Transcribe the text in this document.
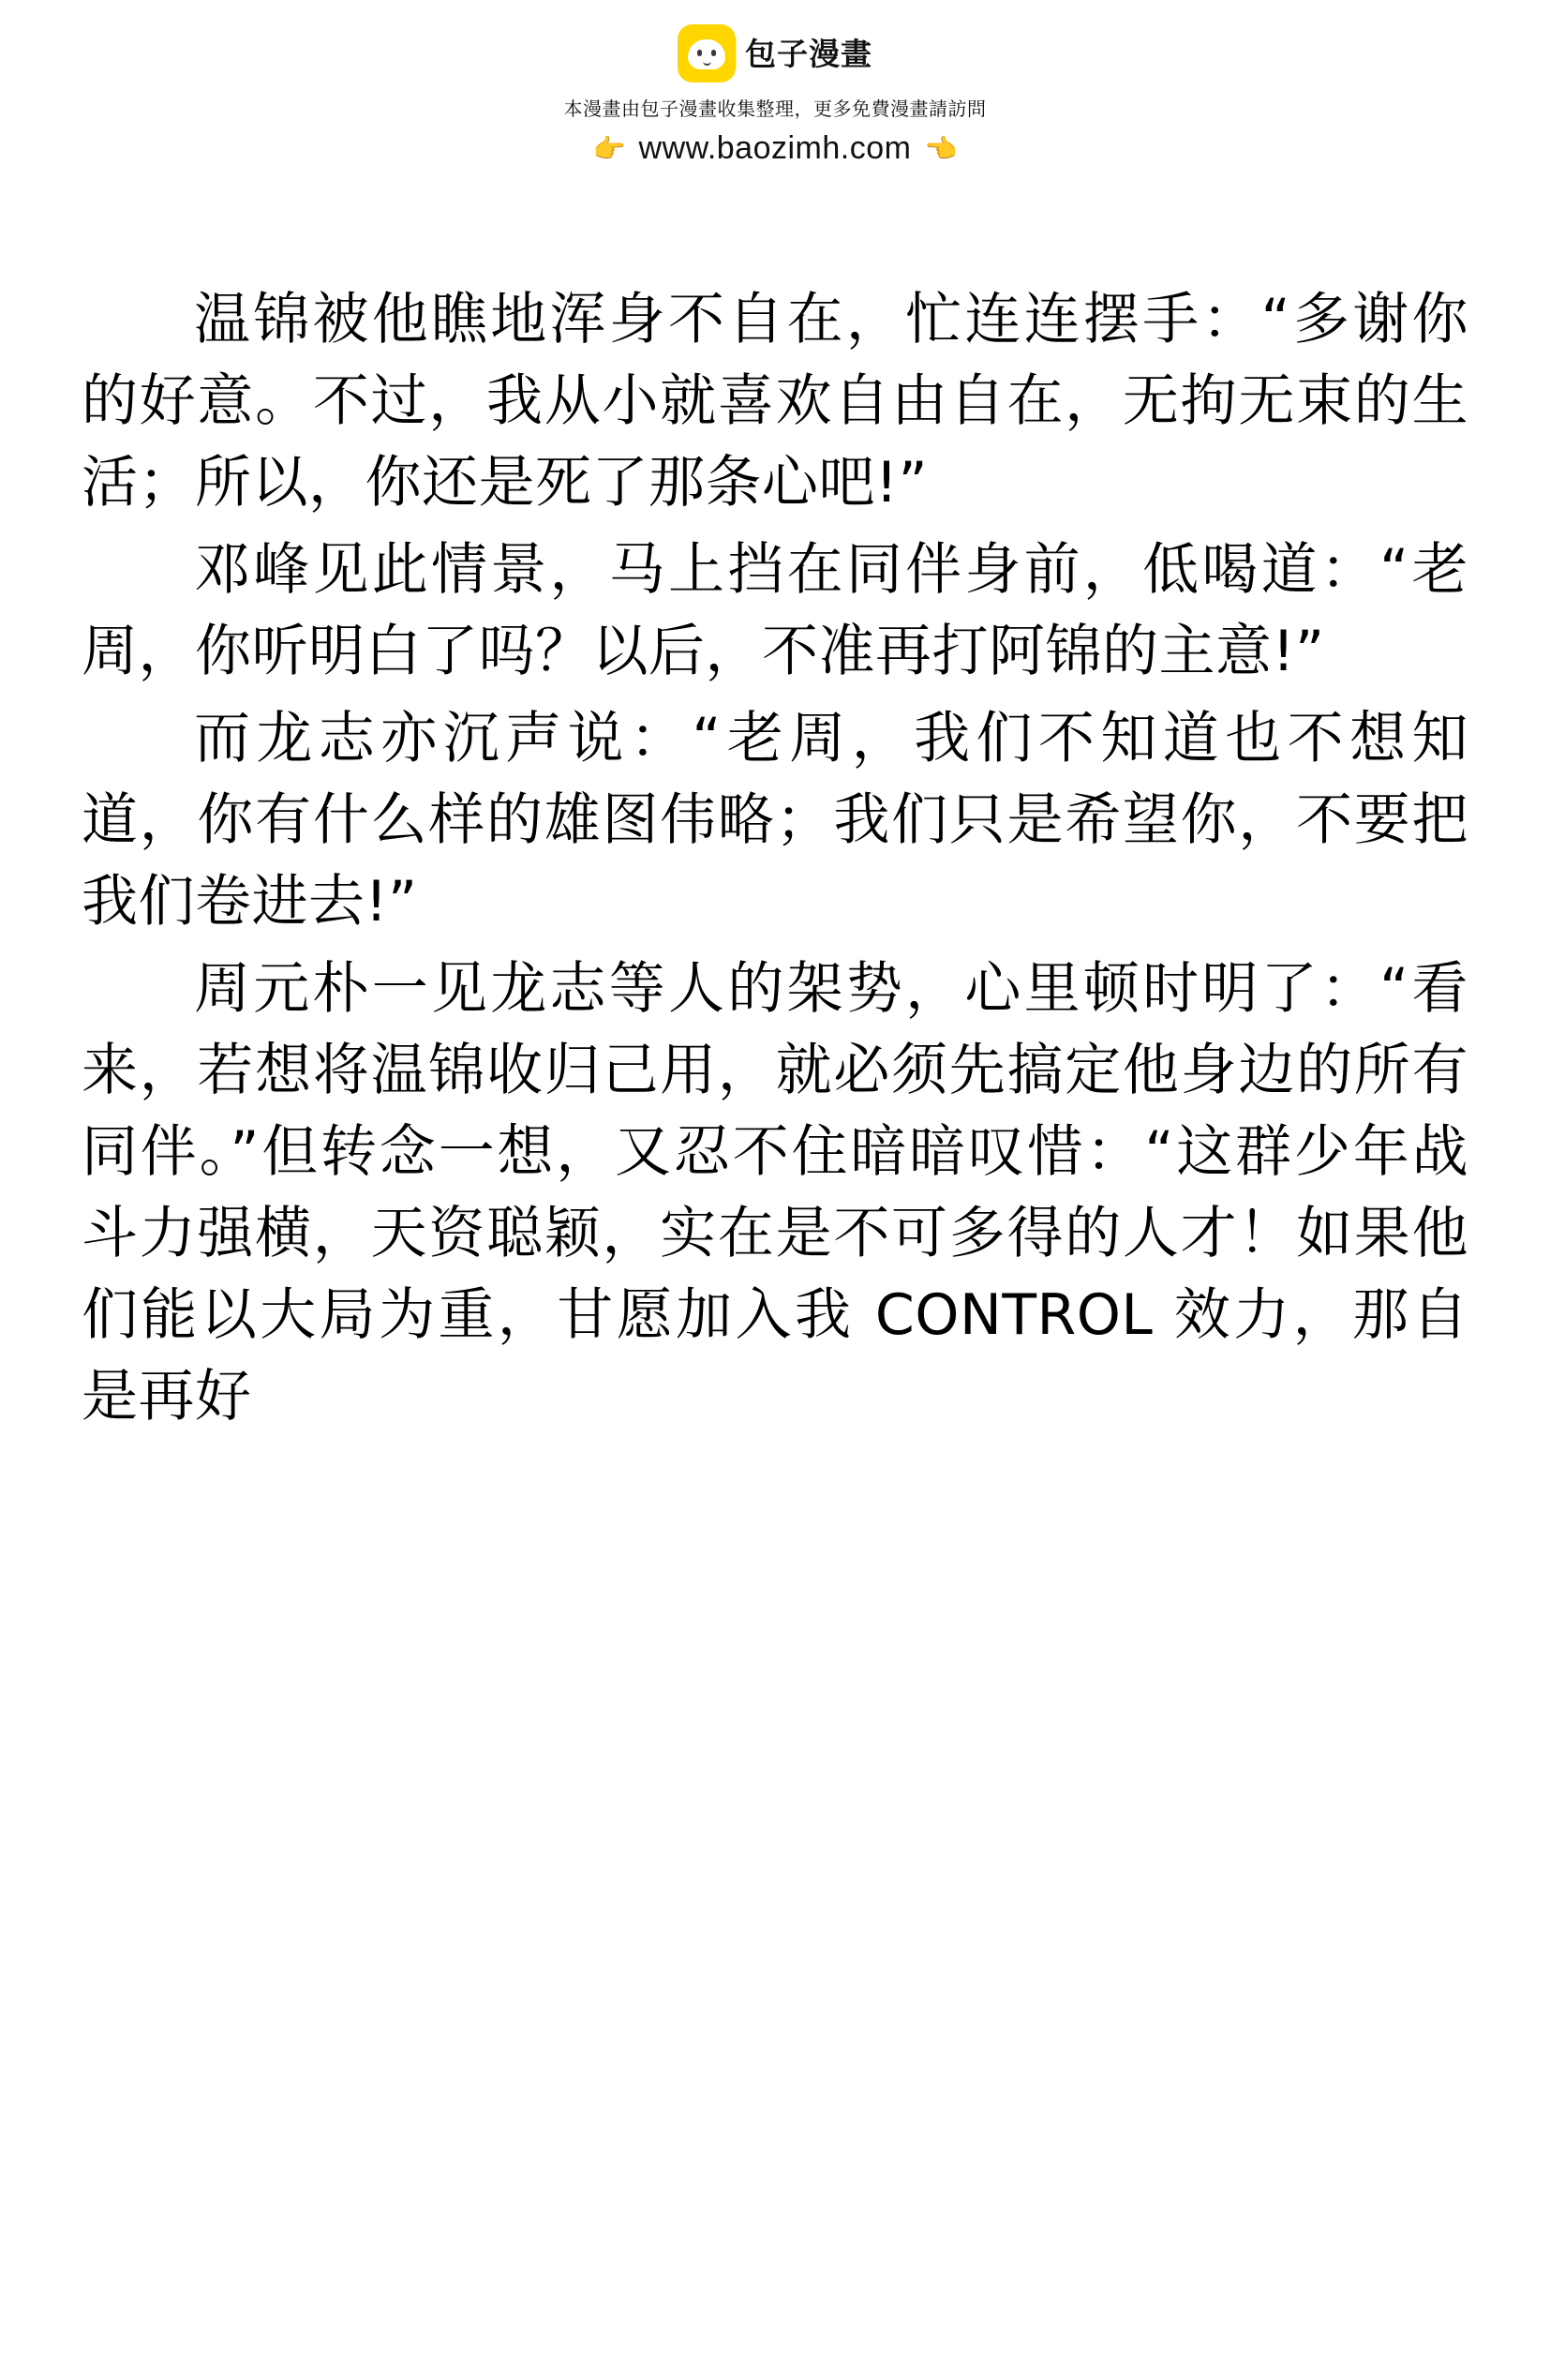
包子漫畫
本漫畫由包子漫畫收集整理，更多免費漫畫請訪問
👉 www.baozimh.com 👈

温锦被他瞧地浑身不自在，忙连连摆手：“多谢你的好意。不过，我从小就喜欢自由自在，无拘无束的生活；所以，你还是死了那条心吧!”

邓峰见此情景，马上挡在同伴身前，低喝道：“老周，你听明白了吗？以后，不准再打阿锦的主意!”

而龙志亦沉声说：“老周，我们不知道也不想知道，你有什么样的雄图伟略；我们只是希望你，不要把我们卷进去!”

周元朴一见龙志等人的架势，心里顿时明了：“看来，若想将温锦收归己用，就必须先搞定他身边的所有同伴。”但转念一想，又忍不住暗暗叹惜：“这群少年战斗力强横，天资聪颖，实在是不可多得的人才！如果他们能以大局为重，甘愿加入我 CONTROL 效力，那自是再好
